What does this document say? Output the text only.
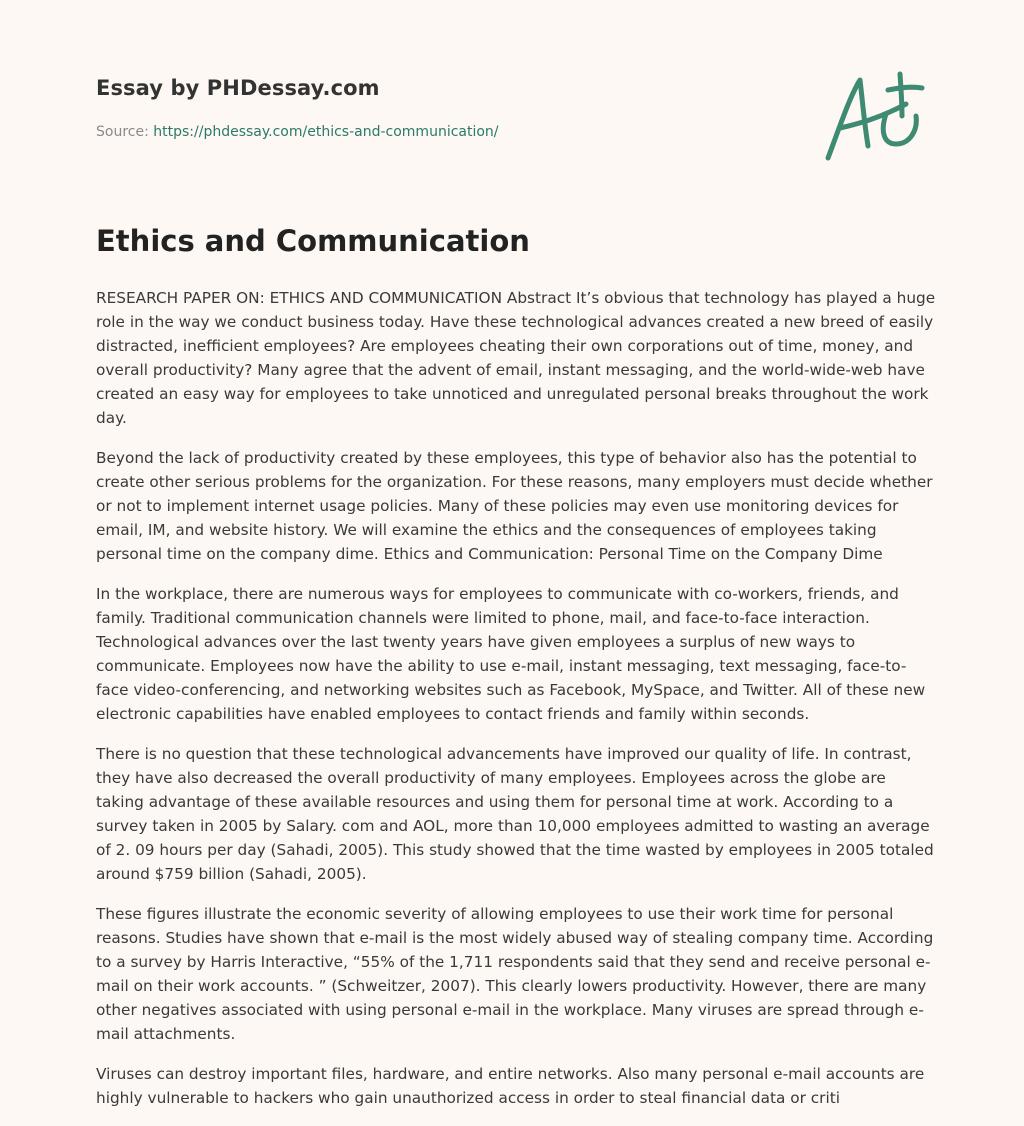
Essay by PHDessay.com

Source: https://phdessay.com/ethics-and-communication/

Ethics and Communication

RESEARCH PAPER ON: ETHICS AND COMMUNICATION Abstract It’s obvious that technology has played a huge role in the way we conduct business today. Have these technological advances created a new breed of easily distracted, inefficient employees? Are employees cheating their own corporations out of time, money, and overall productivity? Many agree that the advent of email, instant messaging, and the world-wide-web have created an easy way for employees to take unnoticed and unregulated personal breaks throughout the work day.

Beyond the lack of productivity created by these employees, this type of behavior also has the potential to create other serious problems for the organization. For these reasons, many employers must decide whether or not to implement internet usage policies. Many of these policies may even use monitoring devices for email, IM, and website history. We will examine the ethics and the consequences of employees taking personal time on the company dime. Ethics and Communication: Personal Time on the Company Dime

In the workplace, there are numerous ways for employees to communicate with co-workers, friends, and family. Traditional communication channels were limited to phone, mail, and face-to-face interaction. Technological advances over the last twenty years have given employees a surplus of new ways to communicate. Employees now have the ability to use e-mail, instant messaging, text messaging, face-to-face video-conferencing, and networking websites such as Facebook, MySpace, and Twitter. All of these new electronic capabilities have enabled employees to contact friends and family within seconds.

There is no question that these technological advancements have improved our quality of life. In contrast, they have also decreased the overall productivity of many employees. Employees across the globe are taking advantage of these available resources and using them for personal time at work. According to a survey taken in 2005 by Salary. com and AOL, more than 10,000 employees admitted to wasting an average of 2. 09 hours per day (Sahadi, 2005). This study showed that the time wasted by employees in 2005 totaled around $759 billion (Sahadi, 2005).

These figures illustrate the economic severity of allowing employees to use their work time for personal reasons. Studies have shown that e-mail is the most widely abused way of stealing company time. According to a survey by Harris Interactive, “55% of the 1,711 respondents said that they send and receive personal e-mail on their work accounts. ” (Schweitzer, 2007). This clearly lowers productivity. However, there are many other negatives associated with using personal e-mail in the workplace. Many viruses are spread through e-mail attachments.

Viruses can destroy important files, hardware, and entire networks. Also many personal e-mail accounts are highly vulnerable to hackers who gain unauthorized access in order to steal financial data or criti
